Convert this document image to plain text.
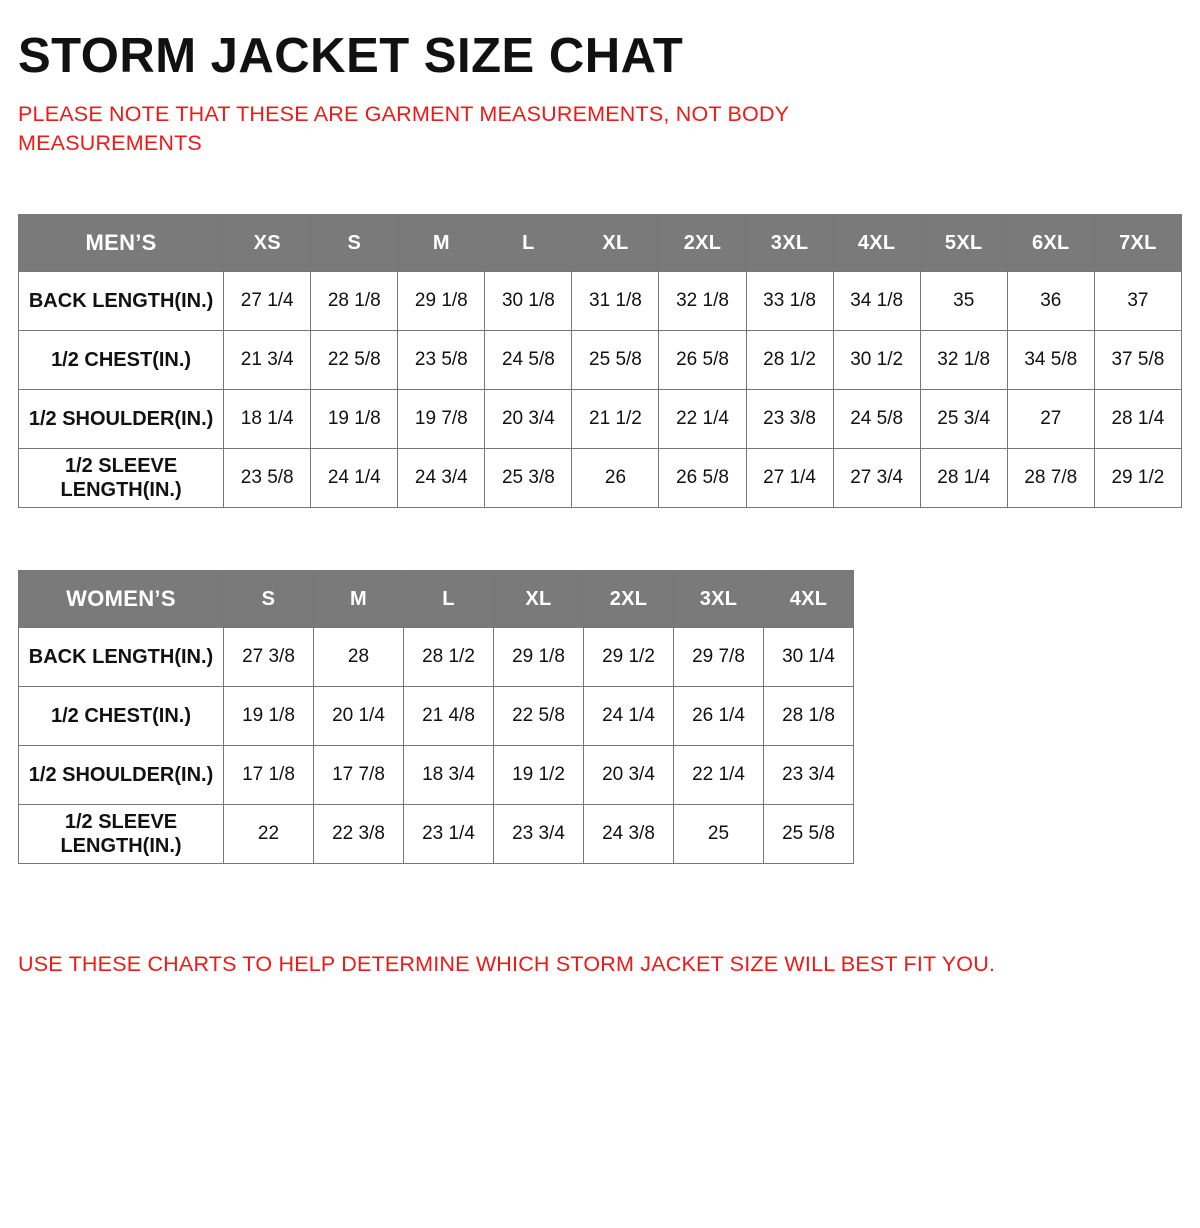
STORM JACKET SIZE CHAT
PLEASE NOTE THAT THESE ARE GARMENT MEASUREMENTS, NOT BODY MEASUREMENTS
MEN’S	XS	S	M	L	XL	2XL	3XL	4XL	5XL	6XL	7XL
BACK LENGTH(IN.)	27 1/4	28 1/8	29 1/8	30 1/8	31 1/8	32 1/8	33 1/8	34 1/8	35	36	37
1/2 CHEST(IN.)	21 3/4	22 5/8	23 5/8	24 5/8	25 5/8	26 5/8	28 1/2	30 1/2	32 1/8	34 5/8	37 5/8
1/2 SHOULDER(IN.)	18 1/4	19 1/8	19 7/8	20 3/4	21 1/2	22 1/4	23 3/8	24 5/8	25 3/4	27	28 1/4
1/2 SLEEVE LENGTH(IN.)	23 5/8	24 1/4	24 3/4	25 3/8	26	26 5/8	27 1/4	27 3/4	28 1/4	28 7/8	29 1/2
WOMEN’S	S	M	L	XL	2XL	3XL	4XL
BACK LENGTH(IN.)	27 3/8	28	28 1/2	29 1/8	29 1/2	29 7/8	30 1/4
1/2 CHEST(IN.)	19 1/8	20 1/4	21 4/8	22 5/8	24 1/4	26 1/4	28 1/8
1/2 SHOULDER(IN.)	17 1/8	17 7/8	18 3/4	19 1/2	20 3/4	22 1/4	23 3/4
1/2 SLEEVE LENGTH(IN.)	22	22 3/8	23 1/4	23 3/4	24 3/8	25	25 5/8
USE THESE CHARTS TO HELP DETERMINE WHICH STORM JACKET SIZE WILL BEST FIT YOU.
